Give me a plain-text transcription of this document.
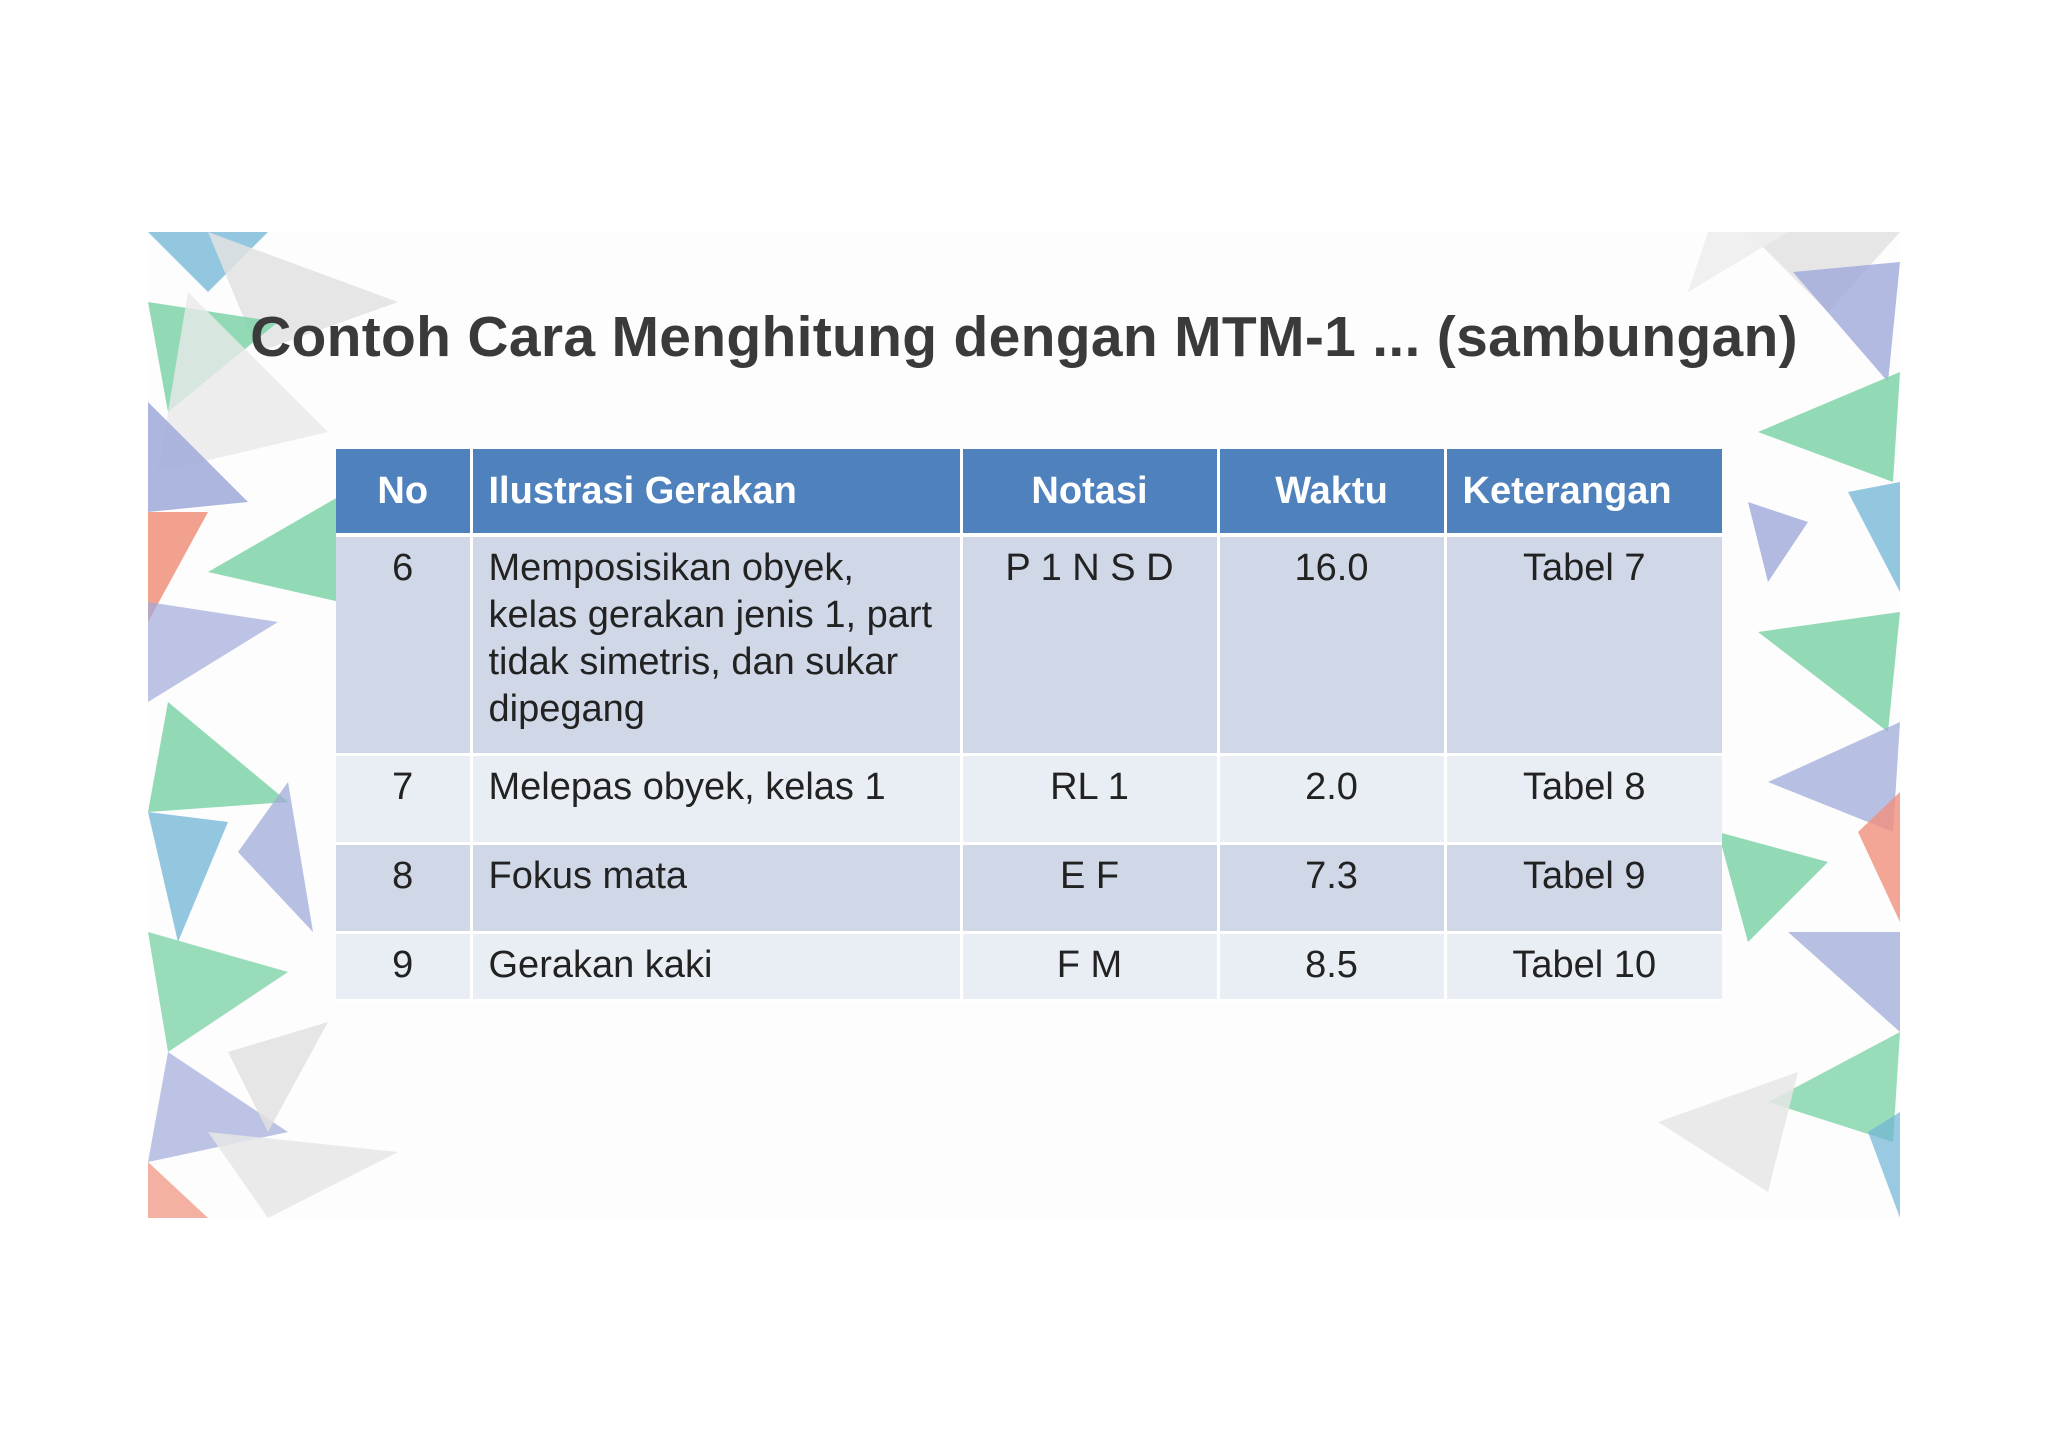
Contoh Cara Menghitung dengan MTM-1 ... (sambungan)
No	Ilustrasi Gerakan	Notasi	Waktu	Keterangan
6	Memposisikan obyek, kelas gerakan jenis 1, part tidak simetris, dan sukar dipegang	P 1 N S D	16.0	Tabel 7
7	Melepas obyek, kelas 1	RL 1	2.0	Tabel 8
8	Fokus mata	E F	7.3	Tabel 9
9	Gerakan kaki	F M	8.5	Tabel 10
